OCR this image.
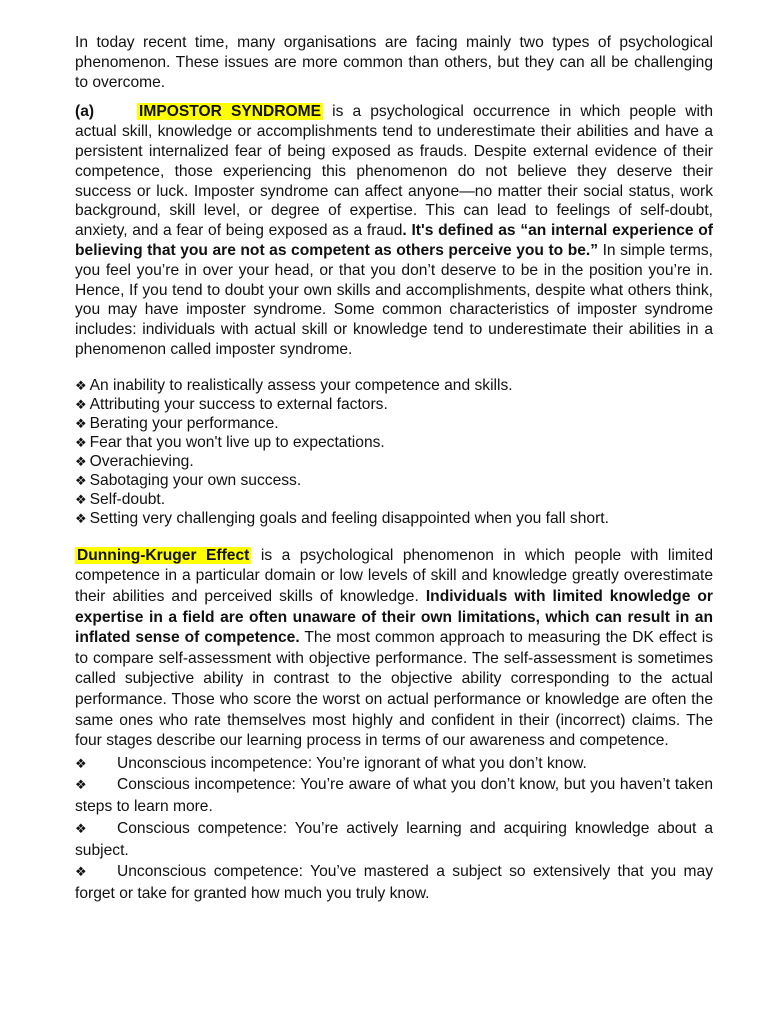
In today recent time, many organisations are facing mainly two types of psychological phenomenon. These issues are more common than others, but they can all be challenging to overcome.

(a)	IMPOSTOR SYNDROME is a psychological occurrence in which people with actual skill, knowledge or accomplishments tend to underestimate their abilities and have a persistent internalized fear of being exposed as frauds. Despite external evidence of their competence, those experiencing this phenomenon do not believe they deserve their success or luck. Imposter syndrome can affect anyone—no matter their social status, work background, skill level, or degree of expertise. This can lead to feelings of self-doubt, anxiety, and a fear of being exposed as a fraud. It's defined as “an internal experience of believing that you are not as competent as others perceive you to be.” In simple terms, you feel you’re in over your head, or that you don’t deserve to be in the position you’re in. Hence, If you tend to doubt your own skills and accomplishments, despite what others think, you may have imposter syndrome. Some common characteristics of imposter syndrome includes: individuals with actual skill or knowledge tend to underestimate their abilities in a phenomenon called imposter syndrome.

❖ An inability to realistically assess your competence and skills.
❖ Attributing your success to external factors.
❖ Berating your performance.
❖ Fear that you won't live up to expectations.
❖ Overachieving.
❖ Sabotaging your own success.
❖ Self-doubt.
❖ Setting very challenging goals and feeling disappointed when you fall short.

Dunning-Kruger Effect is a psychological phenomenon in which people with limited competence in a particular domain or low levels of skill and knowledge greatly overestimate their abilities and perceived skills of knowledge. Individuals with limited knowledge or expertise in a field are often unaware of their own limitations, which can result in an inflated sense of competence. The most common approach to measuring the DK effect is to compare self-assessment with objective performance. The self-assessment is sometimes called subjective ability in contrast to the objective ability corresponding to the actual performance. Those who score the worst on actual performance or knowledge are often the same ones who rate themselves most highly and confident in their (incorrect) claims. The four stages describe our learning process in terms of our awareness and competence.

❖ Unconscious incompetence: You’re ignorant of what you don’t know.
❖ Conscious incompetence: You’re aware of what you don’t know, but you haven’t taken steps to learn more.
❖ Conscious competence: You’re actively learning and acquiring knowledge about a subject.
❖ Unconscious competence: You’ve mastered a subject so extensively that you may forget or take for granted how much you truly know.
